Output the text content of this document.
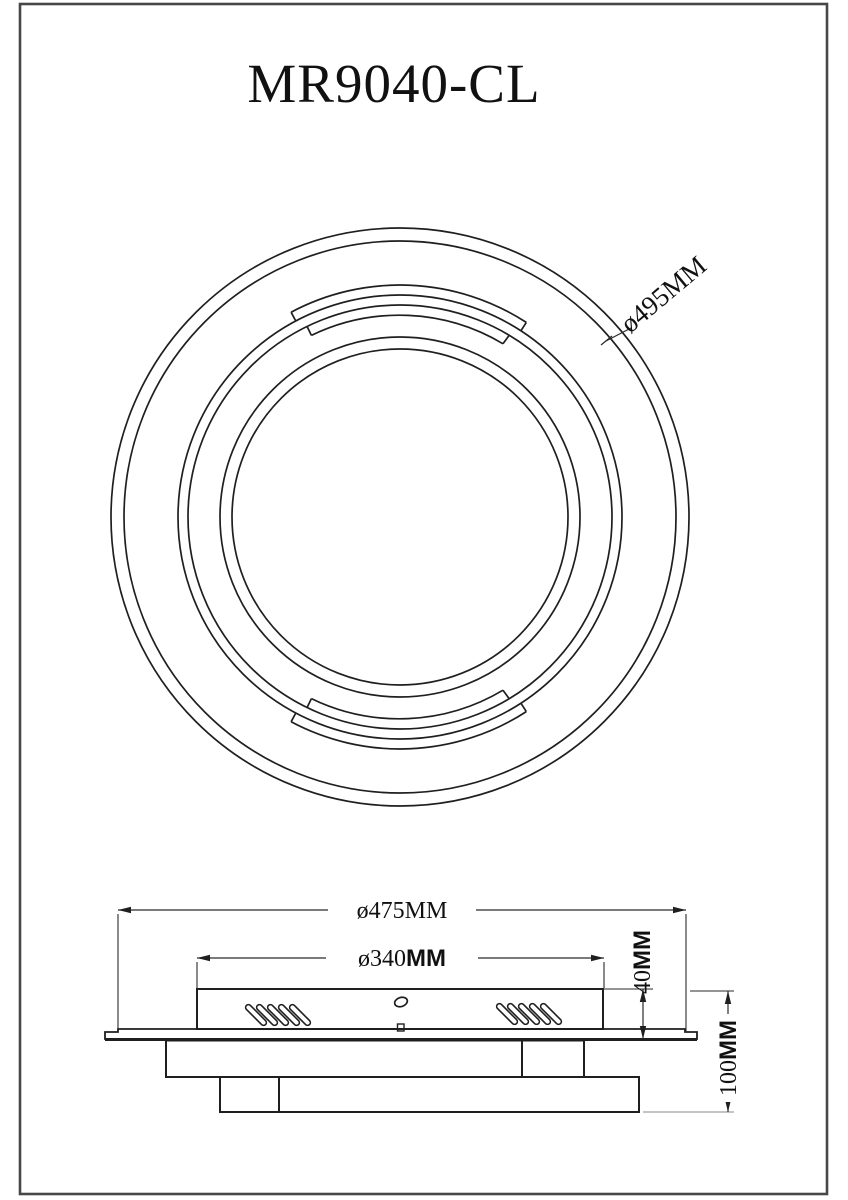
MR9040-CL
ø495MM
ø475MM
ø340MM
40MM
100MM
